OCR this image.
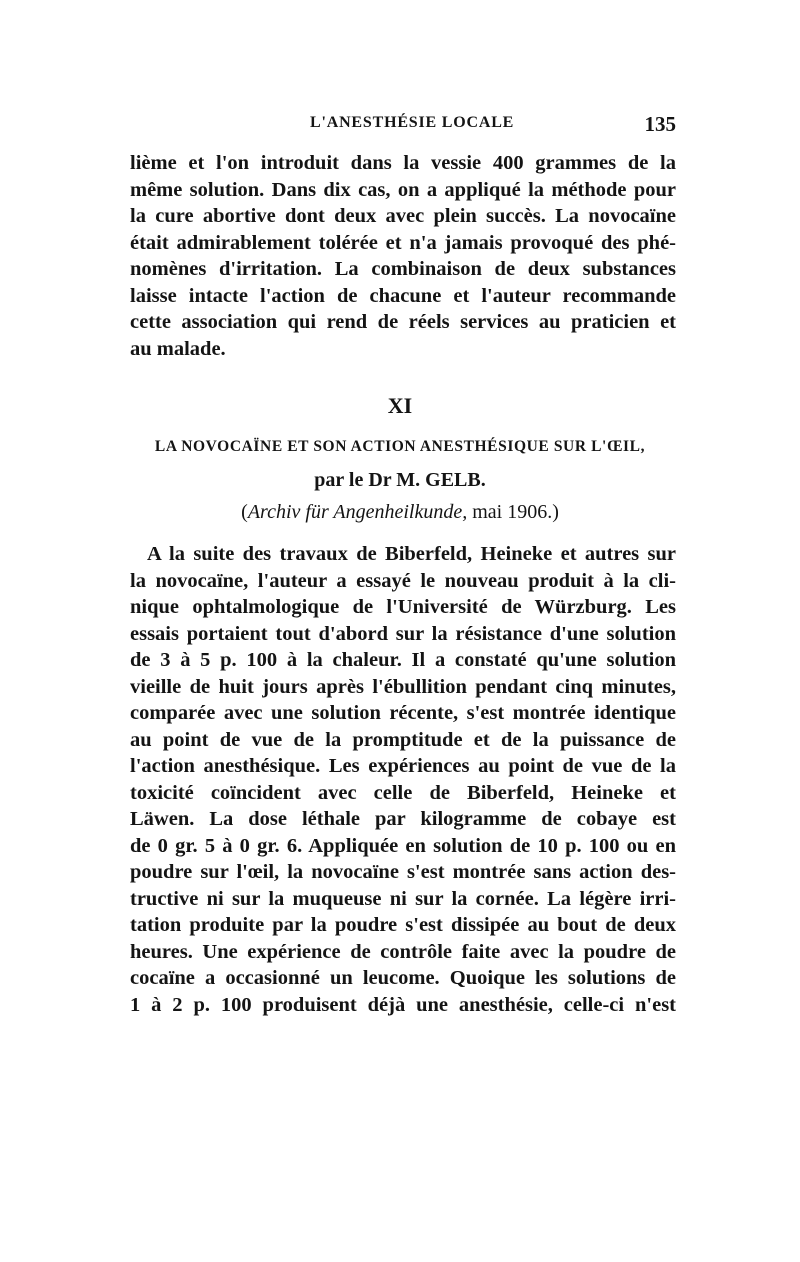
L'ANESTHÉSIE LOCALE	135
lième et l'on introduit dans la vessie 400 grammes de la
même solution. Dans dix cas, on a appliqué la méthode pour
la cure abortive dont deux avec plein succès. La novocaïne
était admirablement tolérée et n'a jamais provoqué des phé-
nomènes d'irritation. La combinaison de deux substances
laisse intacte l'action de chacune et l'auteur recommande
cette association qui rend de réels services au praticien et
au malade.
XI
LA NOVOCAÏNE ET SON ACTION ANESTHÉSIQUE SUR L'ŒIL,
par le Dr M. GELB.
(Archiv für Angenheilkunde, mai 1906.)
A la suite des travaux de Biberfeld, Heineke et autres sur
la novocaïne, l'auteur a essayé le nouveau produit à la cli-
nique ophtalmologique de l'Université de Würzburg. Les
essais portaient tout d'abord sur la résistance d'une solution
de 3 à 5 p. 100 à la chaleur. Il a constaté qu'une solution
vieille de huit jours après l'ébullition pendant cinq minutes,
comparée avec une solution récente, s'est montrée identique
au point de vue de la promptitude et de la puissance de
l'action anesthésique. Les expériences au point de vue de la
toxicité coïncident avec celle de Biberfeld, Heineke et
Läwen. La dose léthale par kilogramme de cobaye est
de 0 gr. 5 à 0 gr. 6. Appliquée en solution de 10 p. 100 ou en
poudre sur l'œil, la novocaïne s'est montrée sans action des-
tructive ni sur la muqueuse ni sur la cornée. La légère irri-
tation produite par la poudre s'est dissipée au bout de deux
heures. Une expérience de contrôle faite avec la poudre de
cocaïne a occasionné un leucome. Quoique les solutions de
1 à 2 p. 100 produisent déjà une anesthésie, celle-ci n'est
